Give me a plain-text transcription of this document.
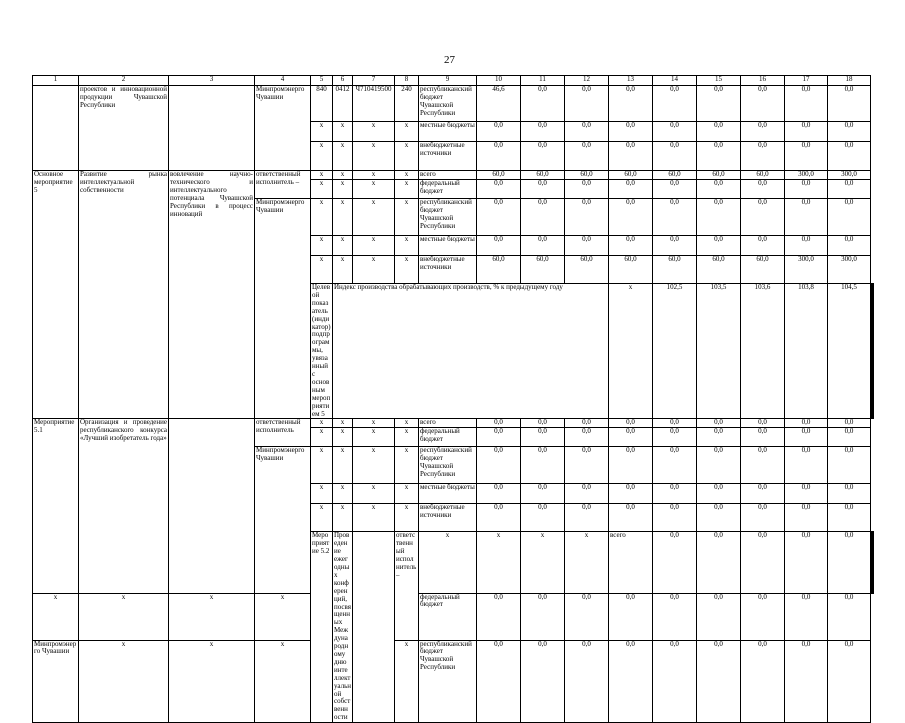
27
1	2	3	4	5	6	7	8	9	10	11	12	13	14	15	16	17	18		
	проектов и инновационной продукции Чувашской Республики		Минпромэнерго Чувашии	840	0412	Ч710419500	240	республиканский бюджет Чувашской Республики	46,6	0,0	0,0	0,0	0,0	0,0	0,0	0,0	0,0		
				х	х	х	х	местные бюджеты	0,0	0,0	0,0	0,0	0,0	0,0	0,0	0,0	0,0		
				х	х	х	х	внебюджетные источники	0,0	0,0	0,0	0,0	0,0	0,0	0,0	0,0	0,0		
Основное мероприятие 5	Развитие рынка интеллектуальной собственности	вовлечение научно-технического и интеллектуального потенциала Чувашской Республики в процесс инноваций	ответственный исполнитель –	х	х	х	х	всего	60,0	60,0	60,0	60,0	60,0	60,0	60,0	300,0	300,0		
				х	х	х	х	федеральный бюджет	0,0	0,0	0,0	0,0	0,0	0,0	0,0	0,0	0,0		
			Минпромэнерго Чувашии	х	х	х	х	республиканский бюджет Чувашской Республики	0,0	0,0	0,0	0,0	0,0	0,0	0,0	0,0	0,0		
				х	х	х	х	местные бюджеты	0,0	0,0	0,0	0,0	0,0	0,0	0,0	0,0	0,0		
				х	х	х	х	внебюджетные источники	60,0	60,0	60,0	60,0	60,0	60,0	60,0	300,0	300,0		
				Целевой показатель (индикатор) подпрограммы, увязанный с основным мероприятием 5	Индекс производства обрабатывающих производств, % к предыдущему году							х	102,5	103,5	103,6	103,8	104,5				
Мероприятие 5.1	Организация и проведение республиканского конкурса «Лучший изобретатель года»		ответственный исполнитель	х	х	х	х	всего	0,0	0,0	0,0	0,0	0,0	0,0	0,0	0,0	0,0		
				х	х	х	х	федеральный бюджет	0,0	0,0	0,0	0,0	0,0	0,0	0,0	0,0	0,0		
			Минпромэнерго Чувашии	х	х	х	х	республиканский бюджет Чувашской Республики	0,0	0,0	0,0	0,0	0,0	0,0	0,0	0,0	0,0		
				х	х	х	х	местные бюджеты	0,0	0,0	0,0	0,0	0,0	0,0	0,0	0,0	0,0		
				х	х	х	х	внебюджетные источники	0,0	0,0	0,0	0,0	0,0	0,0	0,0	0,0	0,0		
				Мероприятие 5.2	Проведение ежегодных конференций, посвященных Международному дню интеллектуальной собственности		ответственный исполнитель –	х	х	х	х	всего	0,0	0,0	0,0	0,0	0,0				
х	х	х	х					федеральный бюджет	0,0	0,0	0,0	0,0	0,0	0,0	0,0	0,0	0,0		
Минпромэнерго Чувашии	х	х	х				х	республиканский бюджет Чувашской Республики	0,0	0,0	0,0	0,0	0,0	0,0	0,0	0,0	0,0		
